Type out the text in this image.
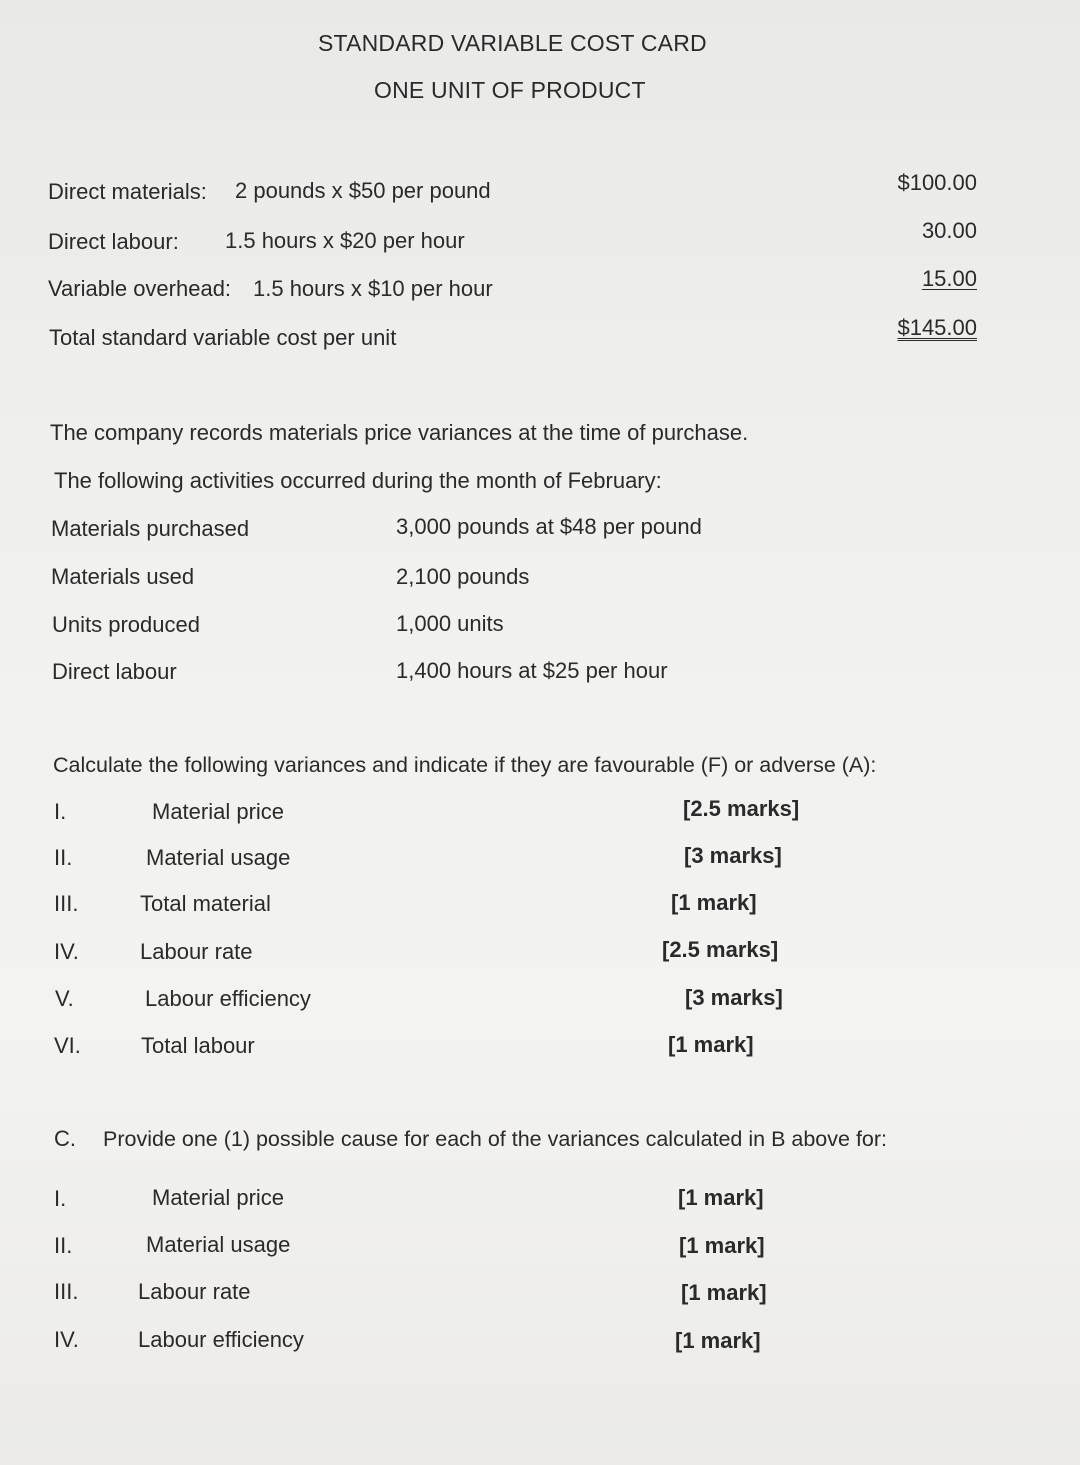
STANDARD VARIABLE COST CARD
ONE UNIT OF PRODUCT
Direct materials: 2 pounds x $50 per pound	$100.00
Direct labour: 1.5 hours x $20 per hour	30.00
Variable overhead: 1.5 hours x $10 per hour	15.00
Total standard variable cost per unit	$145.00
The company records materials price variances at the time of purchase.
The following activities occurred during the month of February:
Materials purchased	3,000 pounds at $48 per pound
Materials used	2,100 pounds
Units produced	1,000 units
Direct labour	1,400 hours at $25 per hour
Calculate the following variances and indicate if they are favourable (F) or adverse (A):
I.	Material price	[2.5 marks]
II.	Material usage	[3 marks]
III.	Total material	[1 mark]
IV.	Labour rate	[2.5 marks]
V.	Labour efficiency	[3 marks]
VI.	Total labour	[1 mark]
C. Provide one (1) possible cause for each of the variances calculated in B above for:
I.	Material price	[1 mark]
II.	Material usage	[1 mark]
III.	Labour rate	[1 mark]
IV.	Labour efficiency	[1 mark]
